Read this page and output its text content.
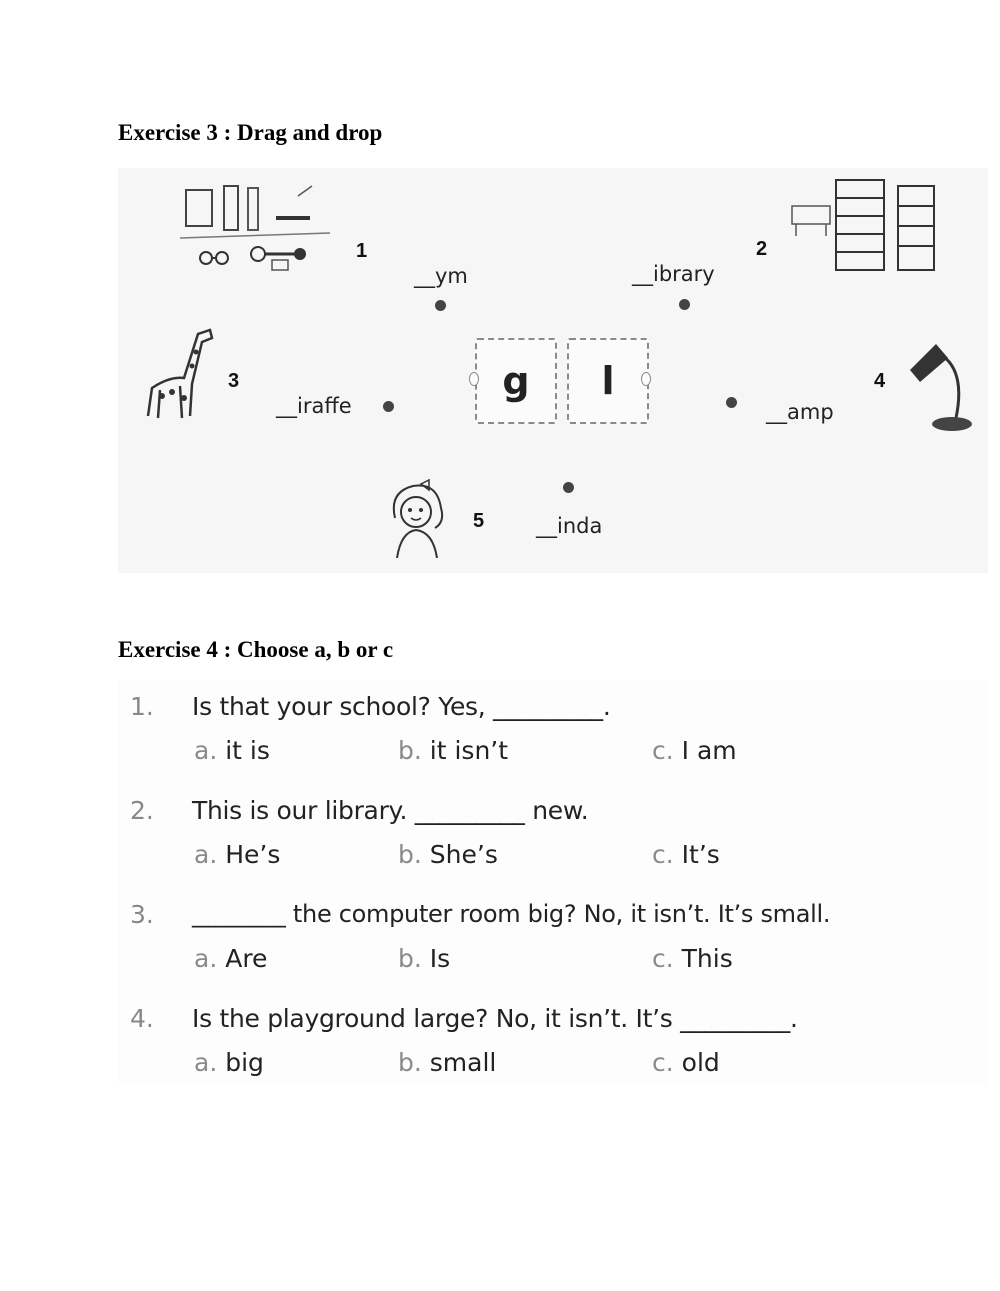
Exercise 3 : Drag and drop
1
__ym
2
__ibrary
3
__iraffe
g	l	4
__amp
5 __inda
Exercise 4 : Choose a, b or c
1. Is that your school? Yes, _________.
a. it is	b. it isn’t	c. I am
2. This is our library. _________ new.
a. He’s	b. She’s	c. It’s
3. ________ the computer room big? No, it isn’t. It’s small.
a. Are	b. Is	c. This
4. Is the playground large? No, it isn’t. It’s _________.
a. big	b. small	c. old
